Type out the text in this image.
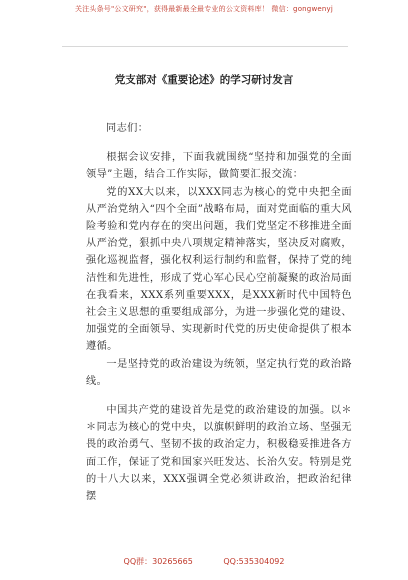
关注头条号"公文研究"，获得最新最全最专业的公文资料库！ 微信：gongwenyj
党支部对《重要论述》的学习研讨发言

同志们：

根据会议安排，下面我就围绕“坚持和加强党的全面领导”主题，结合工作实际，做简要汇报交流：

党的XX大以来，以XXX同志为核心的党中央把全面从严治党纳入“四个全面”战略布局，面对党面临的重大风险考验和党内存在的突出问题，我们党坚定不移推进全面从严治党，狠抓中央八项规定精神落实，坚决反对腐败，强化巡视监督，强化权利运行制约和监督，保持了党的纯洁性和先进性，形成了党心军心民心空前凝聚的政治局面在我看来，XXX系列重要XXX，是XXX新时代中国特色社会主义思想的重要组成部分，为进一步强化党的建设、加强党的全面领导、实现新时代党的历史使命提供了根本遵循。

一是坚持党的政治建设为统领，坚定执行党的政治路线。

中国共产党的建设首先是党的政治建设的加强。以＊＊同志为核心的党中央，以旗帜鲜明的政治立场、坚强无畏的政治勇气、坚韧不拔的政治定力，积极稳妥推进各方面工作，保证了党和国家兴旺发达、长治久安。特别是党的十八大以来，XXX强调全党必须讲政治，把政治纪律摆

QQ群：30265665	QQ:535304092
